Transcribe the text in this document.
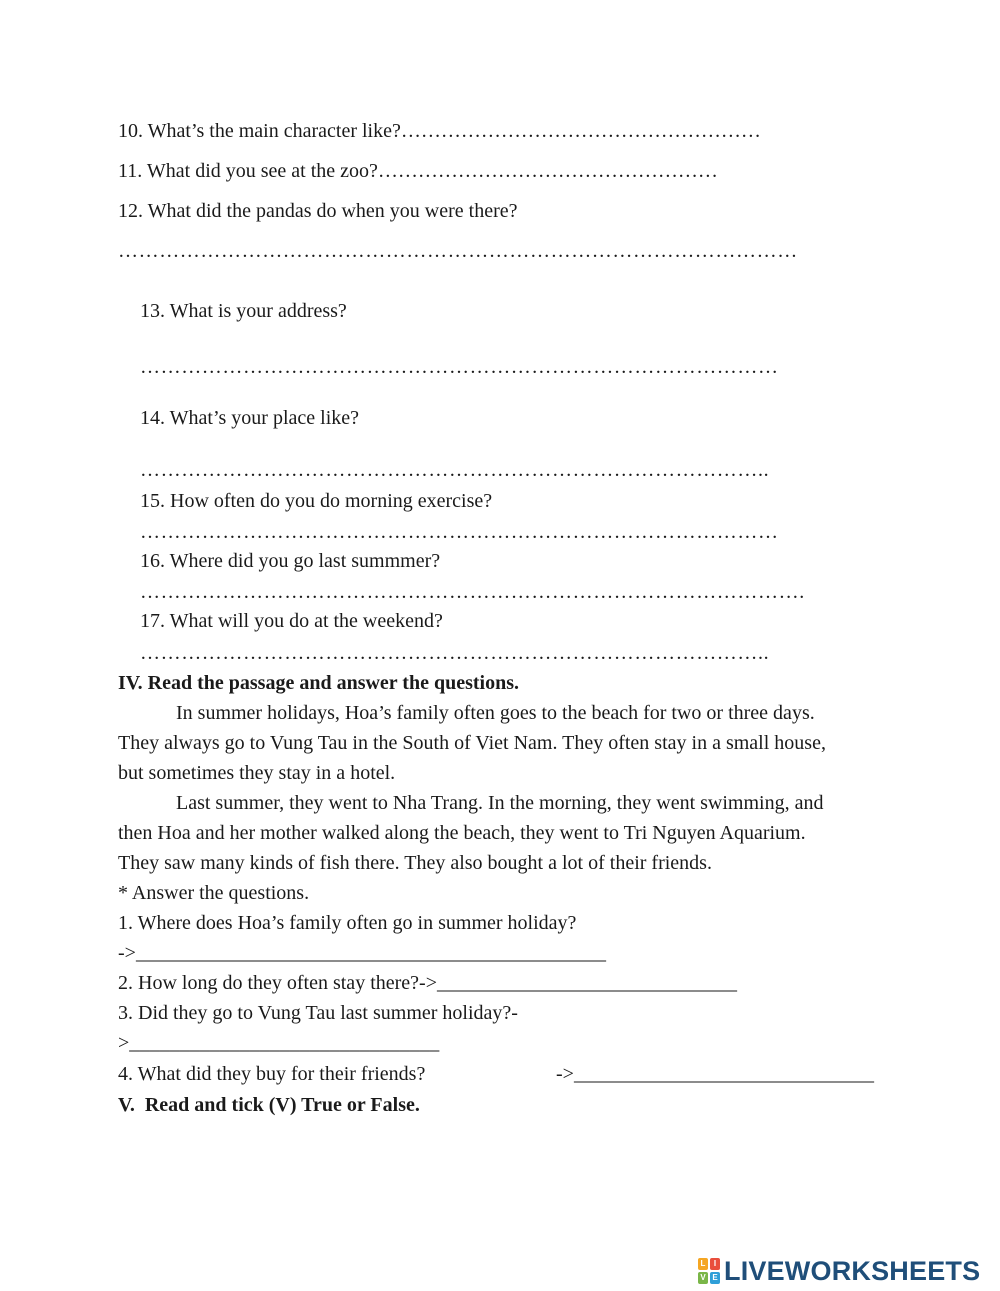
10. What’s the main character like?………………………………………………
11. What did you see at the zoo?……………………………………………
12. What did the pandas do when you were there?
………………………………………………………………………………………
13. What is your address?
…………………………………………………………………………………
14. What’s your place like?
………………………………………………………………………………..
15. How often do you do morning exercise?
…………………………………………………………………………………
16. Where did you go last summmer?
…………………………………………………………………………………….
17. What will you do at the weekend?
………………………………………………………………………………..
IV. Read the passage and answer the questions.
In summer holidays, Hoa’s family often goes to the beach for two or three days.
They always go to Vung Tau in the South of Viet Nam. They often stay in a small house,
but sometimes they stay in a hotel.
Last summer, they went to Nha Trang. In the morning, they went swimming, and
then Hoa and her mother walked along the beach, they went to Tri Nguyen Aquarium.
They saw many kinds of fish there. They also bought a lot of their friends.
* Answer the questions.
1. Where does Hoa’s family often go in summer holiday?
->_______________________________________________
2. How long do they often stay there?->______________________________
3. Did they go to Vung Tau last summer holiday?-
>_______________________________
4. What did they buy for their friends?	->______________________________
V.  Read and tick (V) True or False.
L	I
V E LIVEWORKSHEETS
